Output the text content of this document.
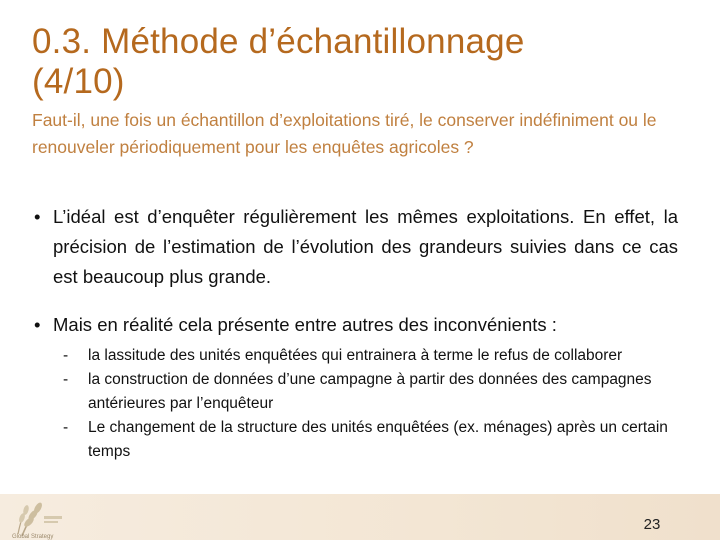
0.3. Méthode d’échantillonnage
(4/10)
Faut-il, une fois un échantillon d’exploitations tiré, le conserver indéfiniment ou le renouveler périodiquement pour les enquêtes agricoles ?
• L’idéal est d’enquêter régulièrement les mêmes exploitations. En effet, la précision de l’estimation de l’évolution des grandeurs suivies dans ce cas est beaucoup plus grande.
• Mais en réalité cela présente entre autres des inconvénients :
-	la lassitude des unités enquêtées qui entrainera à terme le refus de collaborer
-	la construction de données d’une campagne à partir des données des campagnes antérieures par l’enquêteur
-	Le changement de la structure des unités enquêtées (ex. ménages) après un certain temps
Global Strategy
23
